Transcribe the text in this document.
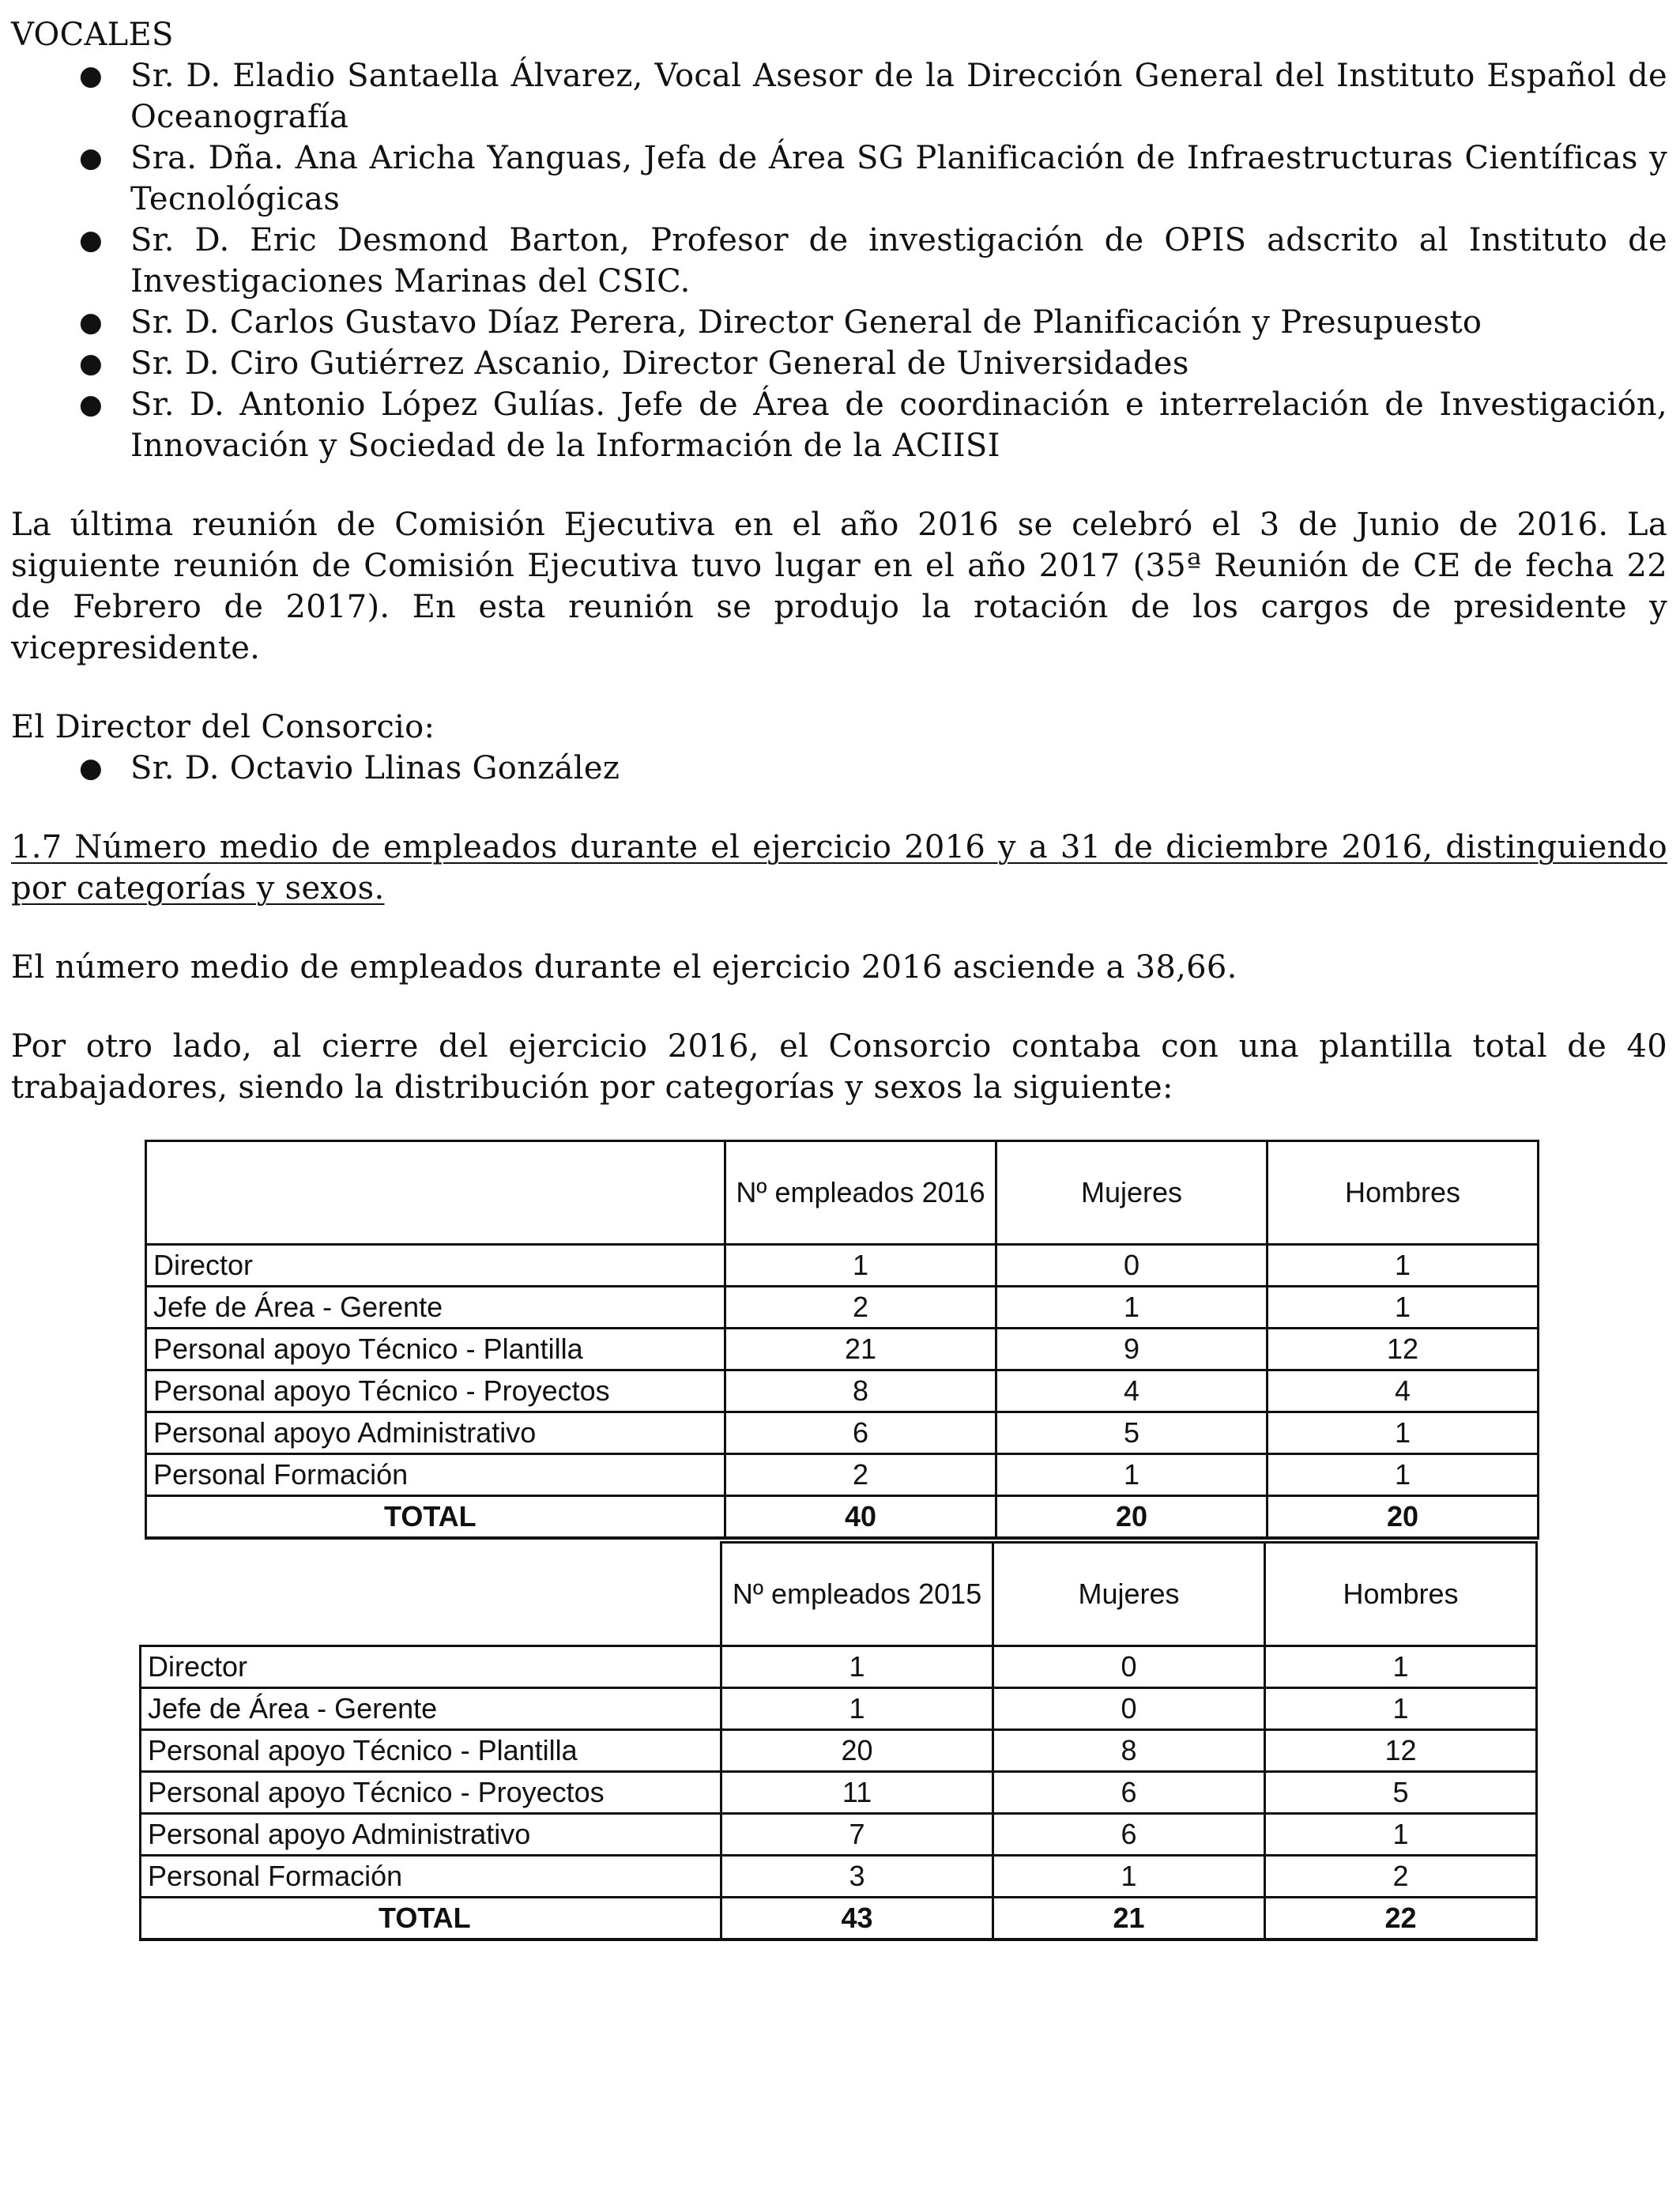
VOCALES
● Sr. D. Eladio Santaella Álvarez, Vocal Asesor de la Dirección General del Instituto Español de Oceanografía
● Sra. Dña. Ana Aricha Yanguas, Jefa de Área SG Planificación de Infraestructuras Científicas y Tecnológicas
● Sr. D. Eric Desmond Barton, Profesor de investigación de OPIS adscrito al Instituto de Investigaciones Marinas del CSIC.
● Sr. D. Carlos Gustavo Díaz Perera, Director General de Planificación y Presupuesto
● Sr. D. Ciro Gutiérrez Ascanio, Director General de Universidades
● Sr. D. Antonio López Gulías. Jefe de Área de coordinación e interrelación de Investigación, Innovación y Sociedad de la Información de la ACIISI

La última reunión de Comisión Ejecutiva en el año 2016 se celebró el 3 de Junio de 2016. La siguiente reunión de Comisión Ejecutiva tuvo lugar en el año 2017 (35ª Reunión de CE de fecha 22 de Febrero de 2017). En esta reunión se produjo la rotación de los cargos de presidente y vicepresidente.

El Director del Consorcio:
● Sr. D. Octavio Llinas González

1.7 Número medio de empleados durante el ejercicio 2016 y a 31 de diciembre 2016, distinguiendo por categorías y sexos.

El número medio de empleados durante el ejercicio 2016 asciende a 38,66.

Por otro lado, al cierre del ejercicio 2016, el Consorcio contaba con una plantilla total de 40 trabajadores, siendo la distribución por categorías y sexos la siguiente:

	Nº empleados 2016	Mujeres	Hombres
Director	1	0	1
Jefe de Área - Gerente	2	1	1
Personal apoyo Técnico - Plantilla	21	9	12
Personal apoyo Técnico - Proyectos	8	4	4
Personal apoyo Administrativo	6	5	1
Personal Formación	2	1	1
TOTAL	40	20	20
	Nº empleados 2015	Mujeres	Hombres
Director	1	0	1
Jefe de Área - Gerente	1	0	1
Personal apoyo Técnico - Plantilla	20	8	12
Personal apoyo Técnico - Proyectos	11	6	5
Personal apoyo Administrativo	7	6	1
Personal Formación	3	1	2
TOTAL	43	21	22
